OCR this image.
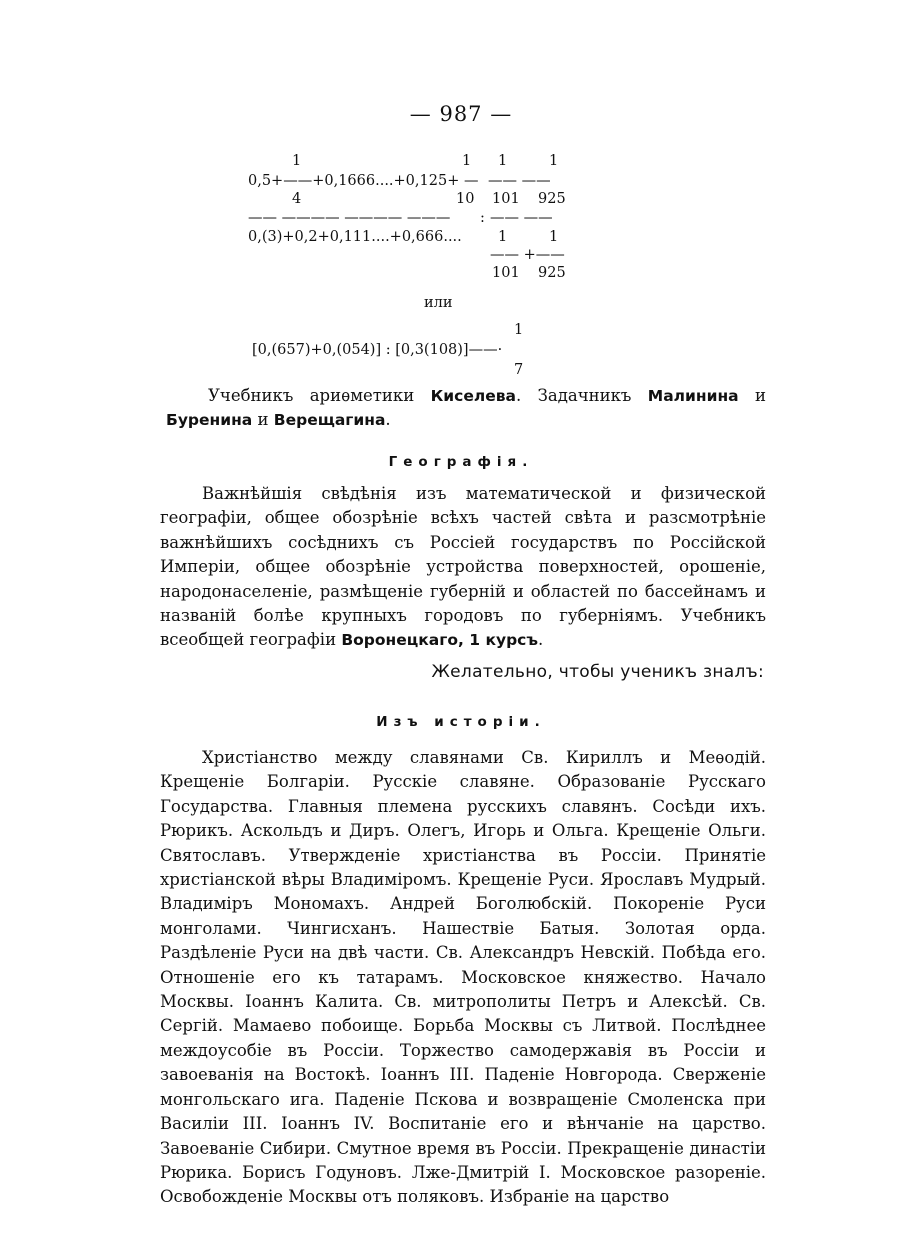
— 987 —
1	1 1	1
0,5+——+0,1666....+0,125+ — —— ——
4	10 101 925
—— ———— ———— ——— : —— ——
0,(3)+0,2+0,111....+0,666.... 1	1
—— +——
101 925
или
1
[0,(657)+0,(054)] : [0,3(108)]——·
7
Учебникъ ариѳметики Киселева. Задачникъ Малинина и Буренина и Верещагина.
Географія.
Важнѣйшія свѣдѣнія изъ математической и физической географіи, общее обозрѣніе всѣхъ частей свѣта и разсмотрѣніе важнѣйшихъ сосѣднихъ съ Россіей государствъ по Россійской Имперіи, общее обозрѣніе устройства поверхностей, орошеніе, народонаселеніе, размѣщеніе губерній и областей по бассейнамъ и названій болѣе крупныхъ городовъ по губерніямъ. Учебникъ всеобщей географіи Воронецкаго, 1 курсъ.
Желательно, чтобы ученикъ зналъ:
Изъ исторіи.
Христіанство между славянами Св. Кириллъ и Меѳодій. Крещеніе Болгаріи. Русскіе славяне. Образованіе Русскаго Государства. Главныя племена русскихъ славянъ. Сосѣди ихъ. Рюрикъ. Аскольдъ и Диръ. Олегъ, Игорь и Ольга. Крещеніе Ольги. Святославъ. Утвержденіе христіанства въ Россіи. Принятіе христіанской вѣры Владиміромъ. Крещеніе Руси. Ярославъ Мудрый. Владиміръ Мономахъ. Андрей Боголюбскій. Покореніе Руси монголами. Чингисханъ. Нашествіе Батыя. Золотая орда. Раздѣленіе Руси на двѣ части. Св. Александръ Невскій. Побѣда его. Отношеніе его къ татарамъ. Московское княжество. Начало Москвы. Іоаннъ Калита. Св. митрополиты Петръ и Алексѣй. Св. Сергій. Мамаево побоище. Борьба Москвы съ Литвой. Послѣднее междоусобіе въ Россіи. Торжество самодержавія въ Россіи и завоеванія на Востокѣ. Іоаннъ III. Паденіе Новгорода. Сверженіе монгольскаго ига. Паденіе Пскова и возвращеніе Смоленска при Василіи III. Іоаннъ IV. Воспитаніе его и вѣнчаніе на царство. Завоеваніе Сибири. Смутное время въ Россіи. Прекращеніе династіи Рюрика. Борисъ Годуновъ. Лже-Дмитрій I. Московское разореніе. Освобожденіе Москвы отъ поляковъ. Избраніе на царство
